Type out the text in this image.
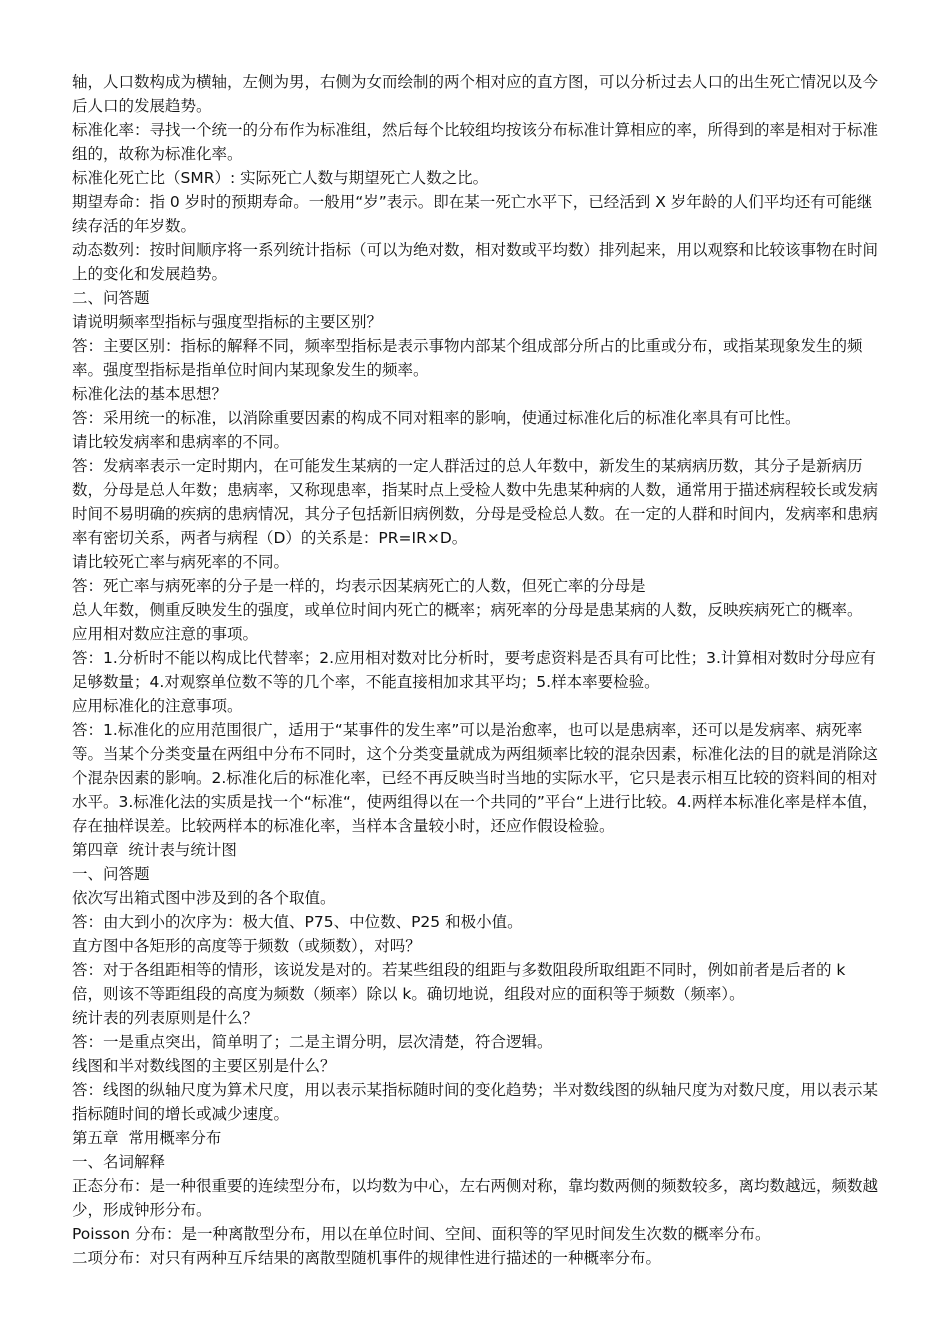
轴，人口数构成为横轴，左侧为男，右侧为女而绘制的两个相对应的直方图，可以分析过去人口的出生死亡情况以及今后人口的发展趋势。

标准化率：寻找一个统一的分布作为标准组，然后每个比较组均按该分布标准计算相应的率，所得到的率是相对于标准组的，故称为标准化率。

标准化死亡比（SMR）: 实际死亡人数与期望死亡人数之比。

期望寿命：指 0 岁时的预期寿命。一般用“岁”表示。即在某一死亡水平下，已经活到 X 岁年龄的人们平均还有可能继续存活的年岁数。

动态数列：按时间顺序将一系列统计指标（可以为绝对数，相对数或平均数）排列起来，用以观察和比较该事物在时间上的变化和发展趋势。

二、问答题

请说明频率型指标与强度型指标的主要区别？

答：主要区别：指标的解释不同，频率型指标是表示事物内部某个组成部分所占的比重或分布，或指某现象发生的频率。强度型指标是指单位时间内某现象发生的频率。

标准化法的基本思想？

答：采用统一的标准，以消除重要因素的构成不同对粗率的影响，使通过标准化后的标准化率具有可比性。

请比较发病率和患病率的不同。

答：发病率表示一定时期内，在可能发生某病的一定人群活过的总人年数中，新发生的某病病历数，其分子是新病历数，分母是总人年数；患病率，又称现患率，指某时点上受检人数中先患某种病的人数，通常用于描述病程较长或发病时间不易明确的疾病的患病情况，其分子包括新旧病例数，分母是受检总人数。在一定的人群和时间内，发病率和患病率有密切关系，两者与病程（D）的关系是：PR=IR×D。

请比较死亡率与病死率的不同。

答：死亡率与病死率的分子是一样的，均表示因某病死亡的人数，但死亡率的分母是

总人年数，侧重反映发生的强度，或单位时间内死亡的概率；病死率的分母是患某病的人数，反映疾病死亡的概率。

应用相对数应注意的事项。

答：1.分析时不能以构成比代替率；2.应用相对数对比分析时，要考虑资料是否具有可比性；3.计算相对数时分母应有足够数量；4.对观察单位数不等的几个率，不能直接相加求其平均；5.样本率要检验。

应用标准化的注意事项。

答：1.标准化的应用范围很广，适用于“某事件的发生率”可以是治愈率，也可以是患病率，还可以是发病率、病死率等。当某个分类变量在两组中分布不同时，这个分类变量就成为两组频率比较的混杂因素，标准化法的目的就是消除这个混杂因素的影响。2.标准化后的标准化率，已经不再反映当时当地的实际水平，它只是表示相互比较的资料间的相对水平。3.标准化法的实质是找一个“标准“，使两组得以在一个共同的”平台“上进行比较。4.两样本标准化率是样本值，存在抽样误差。比较两样本的标准化率，当样本含量较小时，还应作假设检验。

第四章  统计表与统计图

一、问答题

依次写出箱式图中涉及到的各个取值。

答：由大到小的次序为：极大值、P75、中位数、P25 和极小值。

直方图中各矩形的高度等于频数（或频数），对吗？

答：对于各组距相等的情形，该说发是对的。若某些组段的组距与多数阻段所取组距不同时，例如前者是后者的 k 倍，则该不等距组段的高度为频数（频率）除以 k。确切地说，组段对应的面积等于频数（频率）。

统计表的列表原则是什么？

答：一是重点突出，简单明了；二是主谓分明，层次清楚，符合逻辑。

线图和半对数线图的主要区别是什么？

答：线图的纵轴尺度为算术尺度，用以表示某指标随时间的变化趋势；半对数线图的纵轴尺度为对数尺度，用以表示某指标随时间的增长或减少速度。

第五章  常用概率分布

一、名词解释

正态分布：是一种很重要的连续型分布，以均数为中心，左右两侧对称，靠均数两侧的频数较多，离均数越远，频数越少，形成钟形分布。

Poisson 分布：是一种离散型分布，用以在单位时间、空间、面积等的罕见时间发生次数的概率分布。

二项分布：对只有两种互斥结果的离散型随机事件的规律性进行描述的一种概率分布。
